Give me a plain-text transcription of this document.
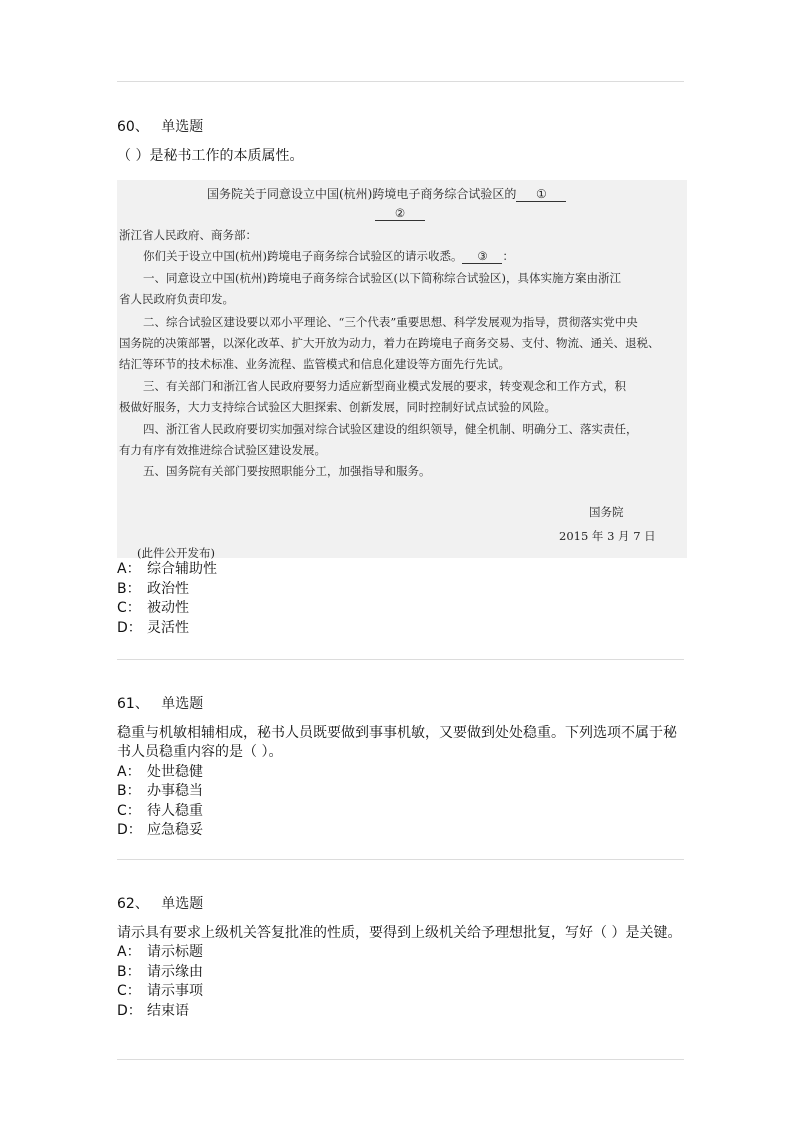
60、 单选题

（ ）是秘书工作的本质属性。

国务院关于同意设立中国(杭州)跨境电子商务综合试验区的 ①
②
浙江省人民政府、商务部：
你们关于设立中国(杭州)跨境电子商务综合试验区的请示收悉。 ③ ：
一、同意设立中国(杭州)跨境电子商务综合试验区(以下简称综合试验区)，具体实施方案由浙江
省人民政府负责印发。
二、综合试验区建设要以邓小平理论、“三个代表”重要思想、科学发展观为指导，贯彻落实党中央
国务院的决策部署，以深化改革、扩大开放为动力，着力在跨境电子商务交易、支付、物流、通关、退税、
结汇等环节的技术标准、业务流程、监管模式和信息化建设等方面先行先试。
三、有关部门和浙江省人民政府要努力适应新型商业模式发展的要求，转变观念和工作方式，积
极做好服务，大力支持综合试验区大胆探索、创新发展，同时控制好试点试验的风险。
四、浙江省人民政府要切实加强对综合试验区建设的组织领导，健全机制、明确分工、落实责任，
有力有序有效推进综合试验区建设发展。
五、国务院有关部门要按照职能分工，加强指导和服务。
国务院
2015 年 3 月 7 日
(此件公开发布)

A： 综合辅助性

B： 政治性

C： 被动性

D： 灵活性

61、 单选题

稳重与机敏相辅相成，秘书人员既要做到事事机敏，又要做到处处稳重。下列选项不属于秘书人员稳重内容的是（ ）。

A： 处世稳健

B： 办事稳当

C： 待人稳重

D： 应急稳妥

62、 单选题

请示具有要求上级机关答复批准的性质，要得到上级机关给予理想批复，写好（ ）是关键。

A： 请示标题

B： 请示缘由

C： 请示事项

D： 结束语
